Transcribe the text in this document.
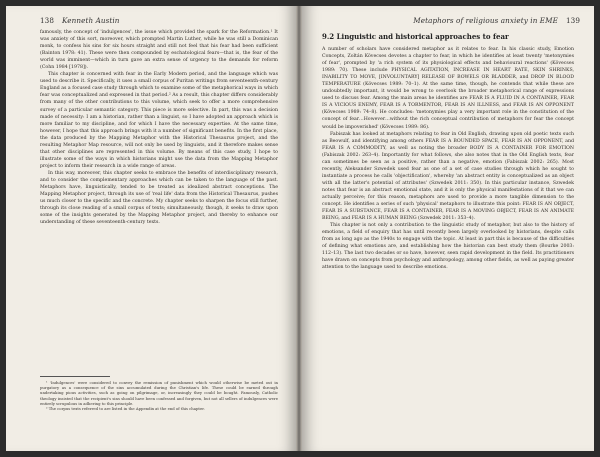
138 Kenneth Austin

famously, the concept of 'indulgences', the issue which provided the spark for the Reformation.¹ It was anxiety of this sort, moreover, which prompted Martin Luther, while he was still a Dominican monk, to confess his sins for six hours straight and still not feel that his fear had been sufficient (Bainton 1978: 41). These were then compounded by eschatological fears—that is, the fear of the world was imminent—which in turn gave an extra sense of urgency to the demands for reform (Cohn 1984 [1978]).

This chapter is concerned with fear in the Early Modern period, and the language which was used to describe it. Specifically, it uses a small corpus of Puritan writings from seventeenth-century England as a focused case study through which to examine some of the metaphorical ways in which fear was conceptualized and expressed in that period.² As a result, this chapter differs considerably from many of the other contributions to this volume, which seek to offer a more comprehensive survey of a particular semantic category. This piece is more selective. In part, this was a decision made of necessity: I am a historian, rather than a linguist, so I have adopted an approach which is more familiar to my discipline, and for which I have the necessary expertise. At the same time, however, I hope that this approach brings with it a number of significant benefits. In the first place, the data produced by the Mapping Metaphor with the Historical Thesaurus project, and the resulting Metaphor Map resource, will not only be used by linguists, and it therefore makes sense that other disciplines are represented in this volume. By means of this case study, I hope to illustrate some of the ways in which historians might use the data from the Mapping Metaphor project to inform their research in a wide range of areas.

In this way, moreover, this chapter seeks to embrace the benefits of interdisciplinary research, and to consider the complementary approaches which can be taken to the language of the past. Metaphors have, linguistically, tended to be treated as idealized abstract conceptions. The Mapping Metaphor project, through its use of 'real life' data from the Historical Thesaurus, pushes us much closer to the specific and the concrete. My chapter seeks to sharpen the focus still further, through its close reading of a small corpus of texts; simultaneously, though, it seeks to draw upon some of the insights generated by the Mapping Metaphor project, and thereby to enhance our understanding of these seventeenth-century texts.

¹ 'Indulgences' were considered to convey the remission of punishment which would otherwise be meted out in purgatory as a consequence of the sins accumulated during the Christian's life. These could be earned through undertaking pious activities, such as going on pilgrimage, or, increasingly they could be bought. Famously, Catholic theology insisted that the recipient's sins should have been confessed and forgiven, but not all sellers of indulgences were entirely scrupulous in adhering to this principle.

² The corpus texts referred to are listed in the Appendix at the end of this chapter.

Metaphors of religious anxiety in EME 139
9.2 Linguistic and historical approaches to fear

A number of scholars have considered metaphor as it relates to fear. In his classic study, Emotion Concepts, Zoltán Kövecses devotes a chapter to fear, in which he identifies at least twenty 'metonymies of fear', prompted by 'a rich system of its physiological effects and behavioural reactions' (Kövecses 1989: 70). These include PHYSICAL AGITATION, INCREASE IN HEART RATE, SKIN SHRINKS, INABILITY TO MOVE, [INVOLUNTARY] RELEASE OF BOWELS OR BLADDER, and DROP IN BLOOD TEMPERATURE (Kövecses 1989: 70–1). At the same time, though, he contends that while these are undoubtedly important, it would be wrong to overlook the broader metaphorical range of expressions used to discuss fear. Among the main areas he identifies are FEAR IS A FLUID IN A CONTAINER, FEAR IS A VICIOUS ENEMY, FEAR IS A TORMENTOR, FEAR IS AN ILLNESS, and FEAR IS AN OPPONENT (Kövecses 1989: 74–8). He concludes: 'metonymies play a very important role in the constitution of the concept of fear…However…without the rich conceptual contribution of metaphors for fear the concept would be impoverished' (Kövecses 1989: 86).

Fabiszak has looked at metaphors relating to fear in Old English, drawing upon old poetic texts such as Beowulf, and identifying among others FEAR IS A BOUNDED SPACE, FEAR IS AN OPPONENT, and FEAR IS A COMMODITY, as well as noting the broader BODY IS A CONTAINER FOR EMOTION (Fabiszak 2002: 263–4). Importantly for what follows, she also notes that in the Old English texts, fear can sometimes be seen as a positive, rather than a negative, emotion (Fabiszak 2002: 265). Most recently, Aleksander Szwedek used fear as one of a set of case studies through which he sought to instantiate a process he calls 'objectification', whereby 'an abstract entity is conceptualized as an object with all the latter's potential of attributes' (Szwedek 2011: 350). In this particular instance, Szwedek notes that fear is an abstract emotional state, and it is only the physical manifestations of it that we can actually perceive; for this reason, metaphors are used to provide a more tangible dimension to the concept. He identifies a series of such 'physical' metaphors to illustrate this point: FEAR IS AN OBJECT, FEAR IS A SUBSTANCE, FEAR IS A CONTAINER, FEAR IS A MOVING OBJECT, FEAR IS AN ANIMATE BEING, and FEAR IS A HUMAN BEING (Szwedek 2011: 353–4).

This chapter is not only a contribution to the linguistic study of metaphor, but also to the history of emotions, a field of enquiry that has until recently been largely overlooked by historians, despite calls from as long ago as the 1940s to engage with the topic. At least in part this is because of the difficulties of defining what emotions are, and establishing how the historian can best study them (Bourke 2003: 112–13). The last two decades or so have, however, seen rapid development in the field. Its practitioners have drawn on concepts from psychology and anthropology, among other fields, as well as paying greater attention to the language used to describe emotions.
